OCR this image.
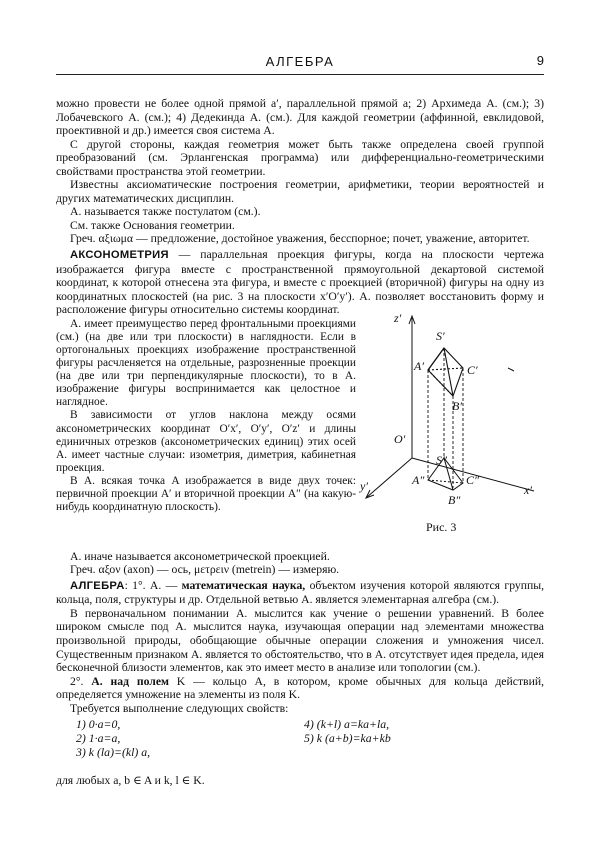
АЛГЕБРА	9

можно провести не более одной прямой a′, параллельной прямой a; 2) Архимеда А. (см.); 3) Лобачевского А. (см.); 4) Дедекинда А. (см.). Для каждой геометрии (аффинной, евклидовой, проективной и др.) имеется своя система А.

С другой стороны, каждая геометрия может быть также определена своей группой преобразований (см. Эрлангенская программа) или дифференциально-геометрическими свойствами пространства этой геометрии.

Известны аксиоматические построения геометрии, арифметики, теории вероятностей и других математических дисциплин.

А. называется также постулатом (см.).

См. также Основания геометрии.

Греч. αξιωμα — предложение, достойное уважения, бесспорное; почет, уважение, авторитет.

АКСОНОМЕТРИЯ — параллельная проекция фигуры, когда на плоскости чертежа изображается фигура вместе с пространственной прямоугольной декартовой системой координат, к которой отнесена эта фигура, и вместе с проекцией (вторичной) фигуры на одну из координатных плоскостей (на рис. 3 на плоскости x′O′y′). А. позволяет восстановить форму и расположение фигуры относительно системы координат.

А. имеет преимущество перед фронтальными проекциями (см.) (на две или три плоскости) в наглядности. Если в ортогональных проекциях изображение пространственной фигуры расчленяется на отдельные, разрозненные проекции (на две или три перпендикулярные плоскости), то в А. изображение фигуры воспринимается как целостное и наглядное.

В зависимости от углов наклона между осями аксонометрических координат O′x′, O′y′, O′z′ и длины единичных отрезков (аксонометрических единиц) этих осей А. имеет частные случаи: изометрия, диметрия, кабинетная проекция.

В А. всякая точка A изображается в виде двух точек: первичной проекции A′ и вторичной проекции A″ (на какую-нибудь координатную плоскость).

z′
S′
A′	C′
B′
O′
S″
A″	C″
x′
B″
y′
Рис. 3

А. иначе называется аксонометрической проекцией.

Греч. αξον (axon) — ось, μετρειν (metrein) — измеряю.

АЛГЕБРА: 1°. А. — математическая наука, объектом изучения которой являются группы, кольца, поля, структуры и др. Отдельной ветвью А. является элементарная алгебра (см.).

В первоначальном понимании А. мыслится как учение о решении уравнений. В более широком смысле под А. мыслится наука, изучающая операции над элементами множества произвольной природы, обобщающие обычные операции сложения и умножения чисел. Существенным признаком А. является то обстоятельство, что в А. отсутствует идея предела, идея бесконечной близости элементов, как это имеет место в анализе или топологии (см.).

2°. А. над полем K — кольцо A, в котором, кроме обычных для кольца действий, определяется умножение на элементы из поля K.

Требуется выполнение следующих свойств:

1) 0·a=0,
2) 1·a=a,
3) k (la)=(kl) a,
4) (k+l) a=ka+la,
5) k (a+b)=ka+kb

для любых a, b ∈ A и k, l ∈ K.
